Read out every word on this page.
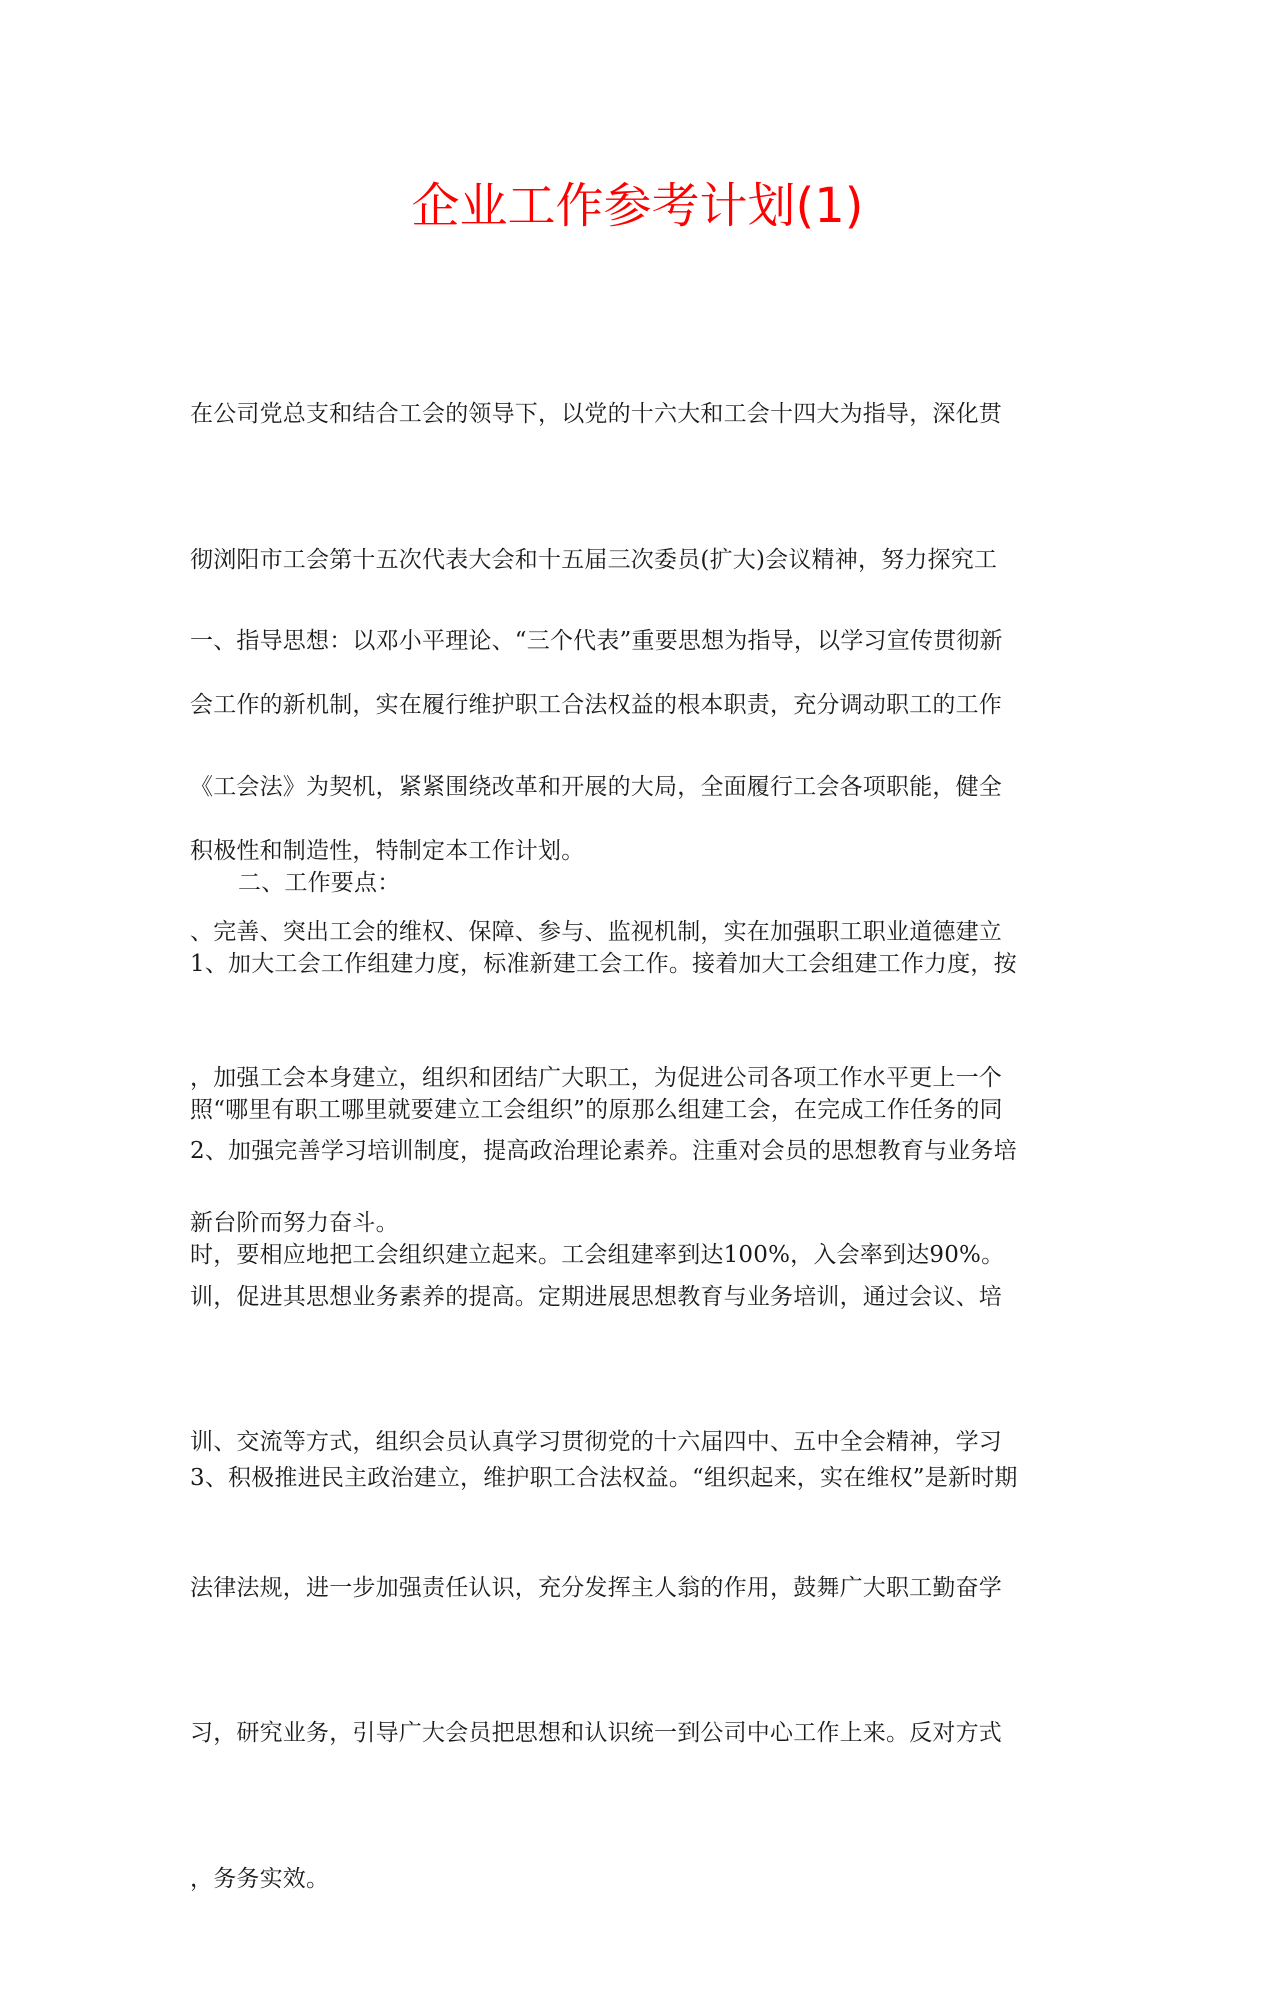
企业工作参考计划(1)

在公司党总支和结合工会的领导下，以党的十六大和工会十四大为指导，深化贯

彻浏阳市工会第十五次代表大会和十五届三次委员(扩大)会议精神，努力探究工

会工作的新机制，实在履行维护职工合法权益的根本职责，充分调动职工的工作

积极性和制造性，特制定本工作计划。

一、指导思想：以邓小平理论、“三个代表”重要思想为指导，以学习宣传贯彻新

《工会法》为契机，紧紧围绕改革和开展的大局，全面履行工会各项职能，健全

、完善、突出工会的维权、保障、参与、监视机制，实在加强职工职业道德建立

，加强工会本身建立，组织和团结广大职工，为促进公司各项工作水平更上一个

新台阶而努力奋斗。

二、工作要点：

1、加大工会工作组建力度，标准新建工会工作。接着加大工会组建工作力度，按

照“哪里有职工哪里就要建立工会组织”的原那么组建工会，在完成工作任务的同

时，要相应地把工会组织建立起来。工会组建率到达100%，入会率到达90%。

2、加强完善学习培训制度，提高政治理论素养。注重对会员的思想教育与业务培

训，促进其思想业务素养的提高。定期进展思想教育与业务培训，通过会议、培

训、交流等方式，组织会员认真学习贯彻党的十六届四中、五中全会精神，学习

法律法规，进一步加强责任认识，充分发挥主人翁的作用，鼓舞广大职工勤奋学

习，研究业务，引导广大会员把思想和认识统一到公司中心工作上来。反对方式

，务务实效。

3、积极推进民主政治建立，维护职工合法权益。“组织起来，实在维权”是新时期
